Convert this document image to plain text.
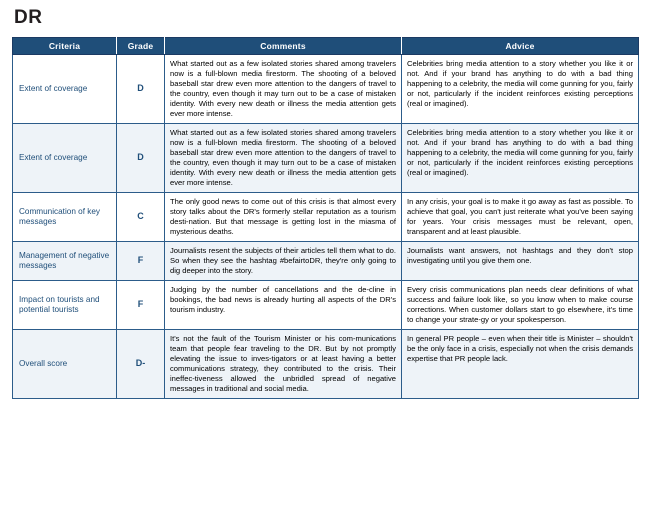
DR
Criteria	Grade	Comments	Advice
Extent of coverage	D	What started out as a few isolated stories shared among travelers now is a full-blown media firestorm. The shooting of a beloved baseball star drew even more attention to the dangers of travel to the country, even though it may turn out to be a case of mistaken identity. With every new death or illness the media attention gets ever more intense.	Celebrities bring media attention to a story whether you like it or not. And if your brand has anything to do with a bad thing happening to a celebrity, the media will come gunning for you, fairly or not, particularly if the incident reinforces existing perceptions (real or imagined).
Extent of coverage	D	What started out as a few isolated stories shared among travelers now is a full-blown media firestorm. The shooting of a beloved baseball star drew even more attention to the dangers of travel to the country, even though it may turn out to be a case of mistaken identity. With every new death or illness the media attention gets ever more intense.	Celebrities bring media attention to a story whether you like it or not. And if your brand has anything to do with a bad thing happening to a celebrity, the media will come gunning for you, fairly or not, particularly if the incident reinforces existing perceptions (real or imagined).
Communication of key messages	C	The only good news to come out of this crisis is that almost every story talks about the DR's formerly stellar reputation as a tourism desti-nation. But that message is getting lost in the miasma of mysterious deaths.	In any crisis, your goal is to make it go away as fast as possible. To achieve that goal, you can't just reiterate what you've been saying for years. Your crisis messages must be relevant, open, transparent and at least plausible.
Management of negative messages	F	Journalists resent the subjects of their articles tell them what to do. So when they see the hashtag #befairtoDR, they're only going to dig deeper into the story.	Journalists want answers, not hashtags and they don't stop investigating until you give them one.
Impact on tourists and potential tourists	F	Judging by the number of cancellations and the de-cline in bookings, the bad news is already hurting all aspects of the DR's tourism industry.	Every crisis communications plan needs clear definitions of what success and failure look like, so you know when to make course corrections. When customer dollars start to go elsewhere, it's time to change your strate-gy or your spokesperson.
Overall score	D-	It's not the fault of the Tourism Minister or his com-munications team that people fear traveling to the DR. But by not promptly elevating the issue to inves-tigators or at least having a better communications strategy, they contributed to the crisis. Their ineffec-tiveness allowed the unbridled spread of negative messages in traditional and social media.	In general PR people – even when their title is Minister – shouldn't be the only face in a crisis, especially not when the crisis demands expertise that PR people lack.
